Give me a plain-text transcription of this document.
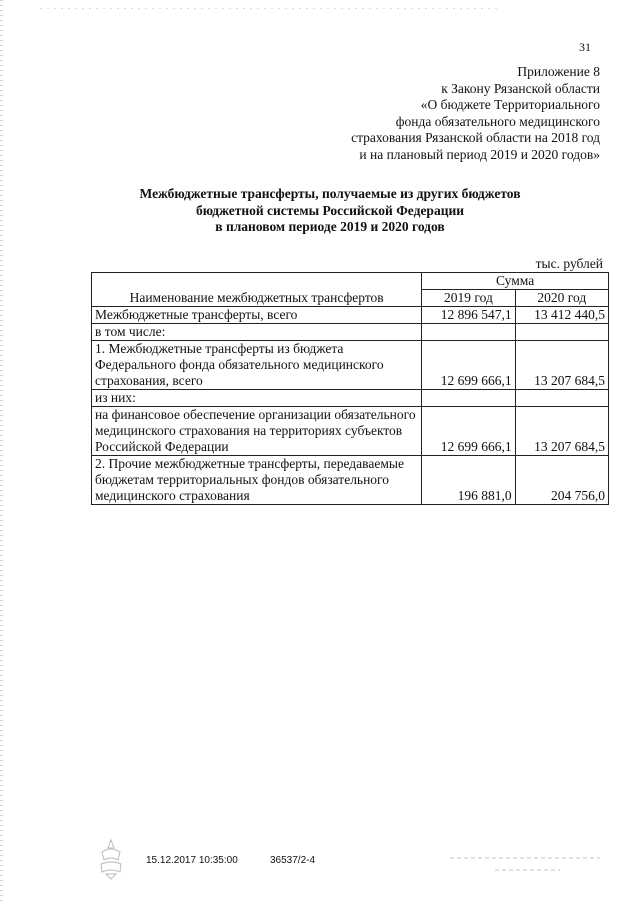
31
Приложение 8
к Закону Рязанской области
«О бюджете Территориального
фонда обязательного медицинского
страхования Рязанской области на 2018 год
и на плановый период 2019 и 2020 годов»
Межбюджетные трансферты, получаемые из других бюджетов
бюджетной системы Российской Федерации
в плановом периоде 2019 и 2020 годов
тыс. рублей
Наименование межбюджетных трансфертов	Сумма	
	2019 год	2020 год
Межбюджетные трансферты, всего	12 896 547,1	13 412 440,5
в том числе:		
1. Межбюджетные трансферты из бюджета Федерального фонда обязательного медицинского страхования, всего	12 699 666,1	13 207 684,5
из них:		
на финансовое обеспечение организации обязательного медицинского страхования на территориях субъектов Российской Федерации	12 699 666,1	13 207 684,5
2. Прочие межбюджетные трансферты, передаваемые бюджетам территориальных фондов обязательного медицинского страхования	196 881,0	204 756,0
15.12.2017 10:35:00	36537/2-4
